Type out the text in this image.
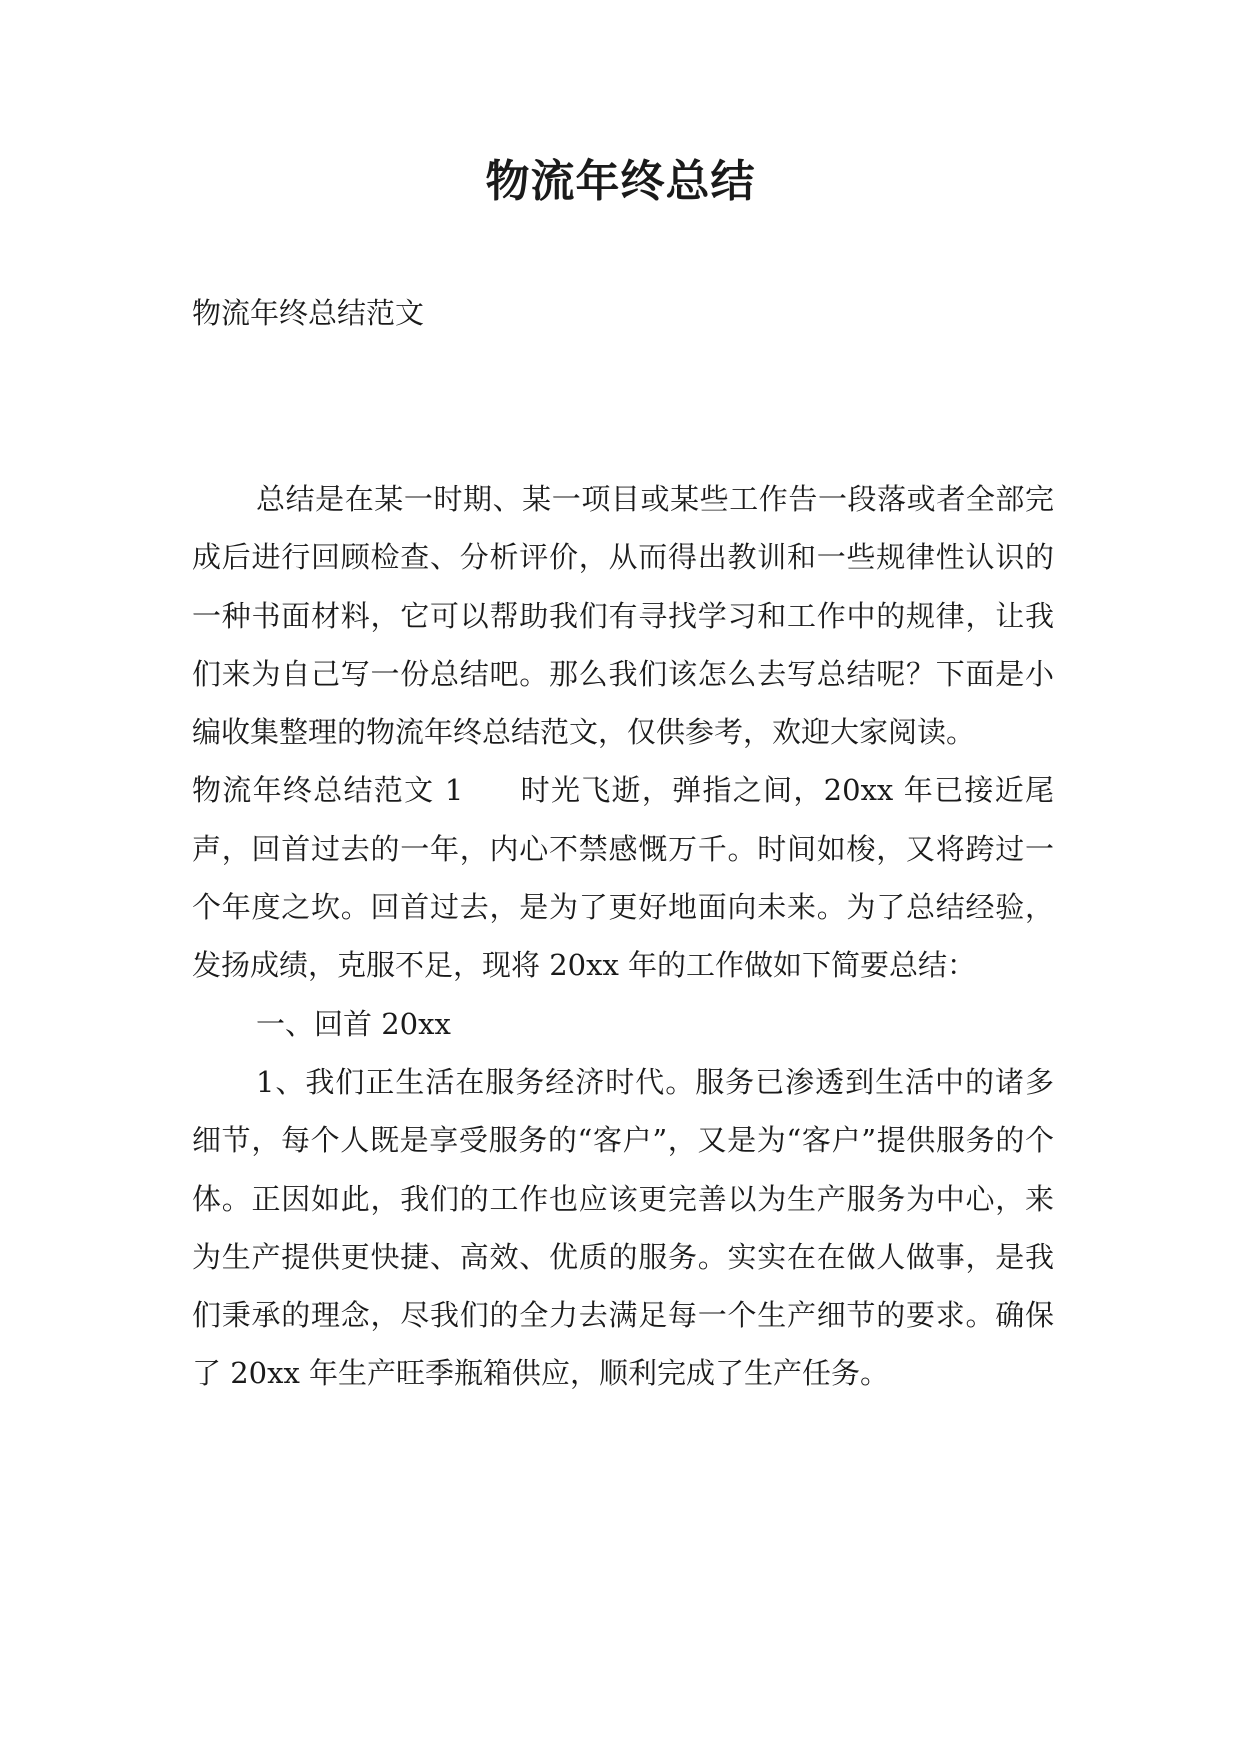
物流年终总结

物流年终总结范文

总结是在某一时期、某一项目或某些工作告一段落或者全部完成后进行回顾检查、分析评价，从而得出教训和一些规律性认识的一种书面材料，它可以帮助我们有寻找学习和工作中的规律，让我们来为自己写一份总结吧。那么我们该怎么去写总结呢？下面是小编收集整理的物流年终总结范文，仅供参考，欢迎大家阅读。

物流年终总结范文 1 时光飞逝，弹指之间，20xx 年已接近尾声，回首过去的一年，内心不禁感慨万千。时间如梭，又将跨过一个年度之坎。回首过去，是为了更好地面向未来。为了总结经验，发扬成绩，克服不足，现将 20xx 年的工作做如下简要总结：

一、回首 20xx

1、我们正生活在服务经济时代。服务已渗透到生活中的诸多细节，每个人既是享受服务的“客户”，又是为“客户”提供服务的个体。正因如此，我们的工作也应该更完善以为生产服务为中心，来为生产提供更快捷、高效、优质的服务。实实在在做人做事，是我们秉承的理念，尽我们的全力去满足每一个生产细节的要求。确保了 20xx 年生产旺季瓶箱供应，顺利完成了生产任务。
